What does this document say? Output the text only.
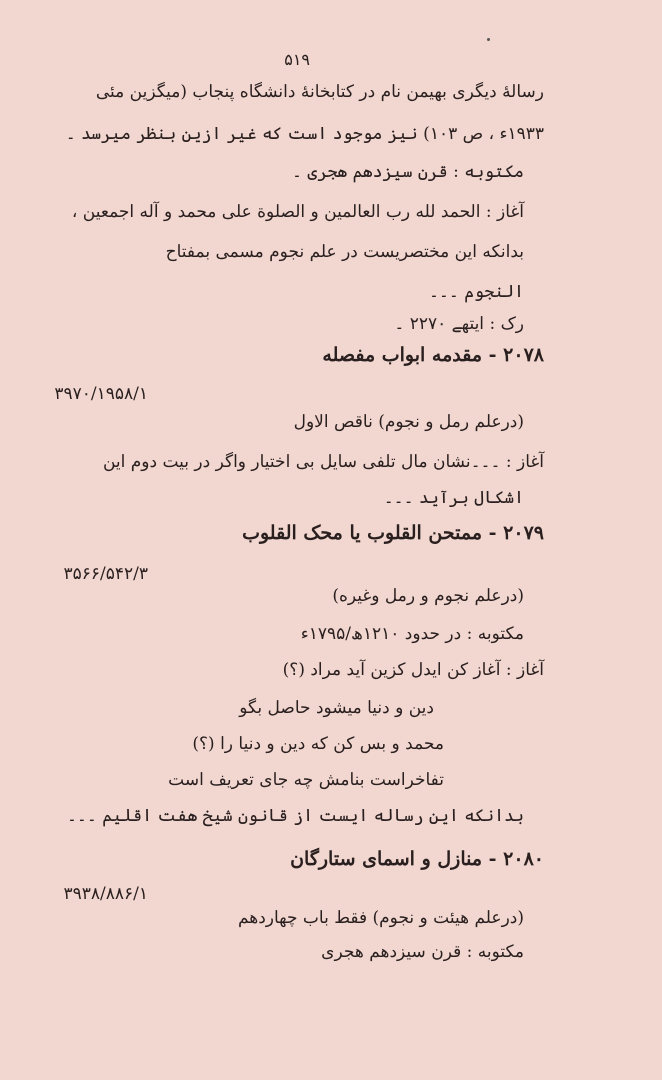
۵۱۹
رسالهٔ دیگری بهیمن نام در کتابخانهٔ دانشگاه پنجاب (میگزین مئی
۱۹۳۳ء ، ص ۱۰۳) نیز موجود است که غیر ازین بنظر میرسد ۔
مکتوبه : قرن سیزدهم هجری ۔
آغاز : الحمد لله رب العالمین و الصلوة علی محمد و آله اجمعین ،
بدانکه این مختصریست در علم نجوم مسمی بمفتاح
النجوم ۔۔۔
رک : ایتھے ۲۲۷۰ ۔
۲۰۷۸ - مقدمه ابواب مفصله
۳۹۷۰/۱۹۵۸/۱
(درعلم رمل و نجوم) ناقص الاول
آغاز : ۔۔۔نشان مال تلفی سایل بی اختیار واگر در بیت دوم این
اشکال برآید ۔۔۔
۲۰۷۹ - ممتحن القلوب یا محک القلوب
۳۵۶۶/۵۴۲/۳
(درعلم نجوم و رمل وغیره)
مکتوبه : در حدود ۱۲۱۰ھ/۱۷۹۵ء
آغاز : آغاز کن ایدل کزین آید مراد (؟)
دین و دنیا میشود حاصل بگو
محمد و بس کن که دین و دنیا را (؟)
تفاخراست بنامش چه جای تعریف است
بدانکه این رساله ایست از قانون شیخ هفت اقلیم ۔۔۔
۲۰۸۰ - منازل و اسمای ستارگان
۳۹۳۸/۸۸۶/۱
(درعلم هیئت و نجوم) فقط باب چهاردهم
مکتوبه : قرن سیزدهم هجری
